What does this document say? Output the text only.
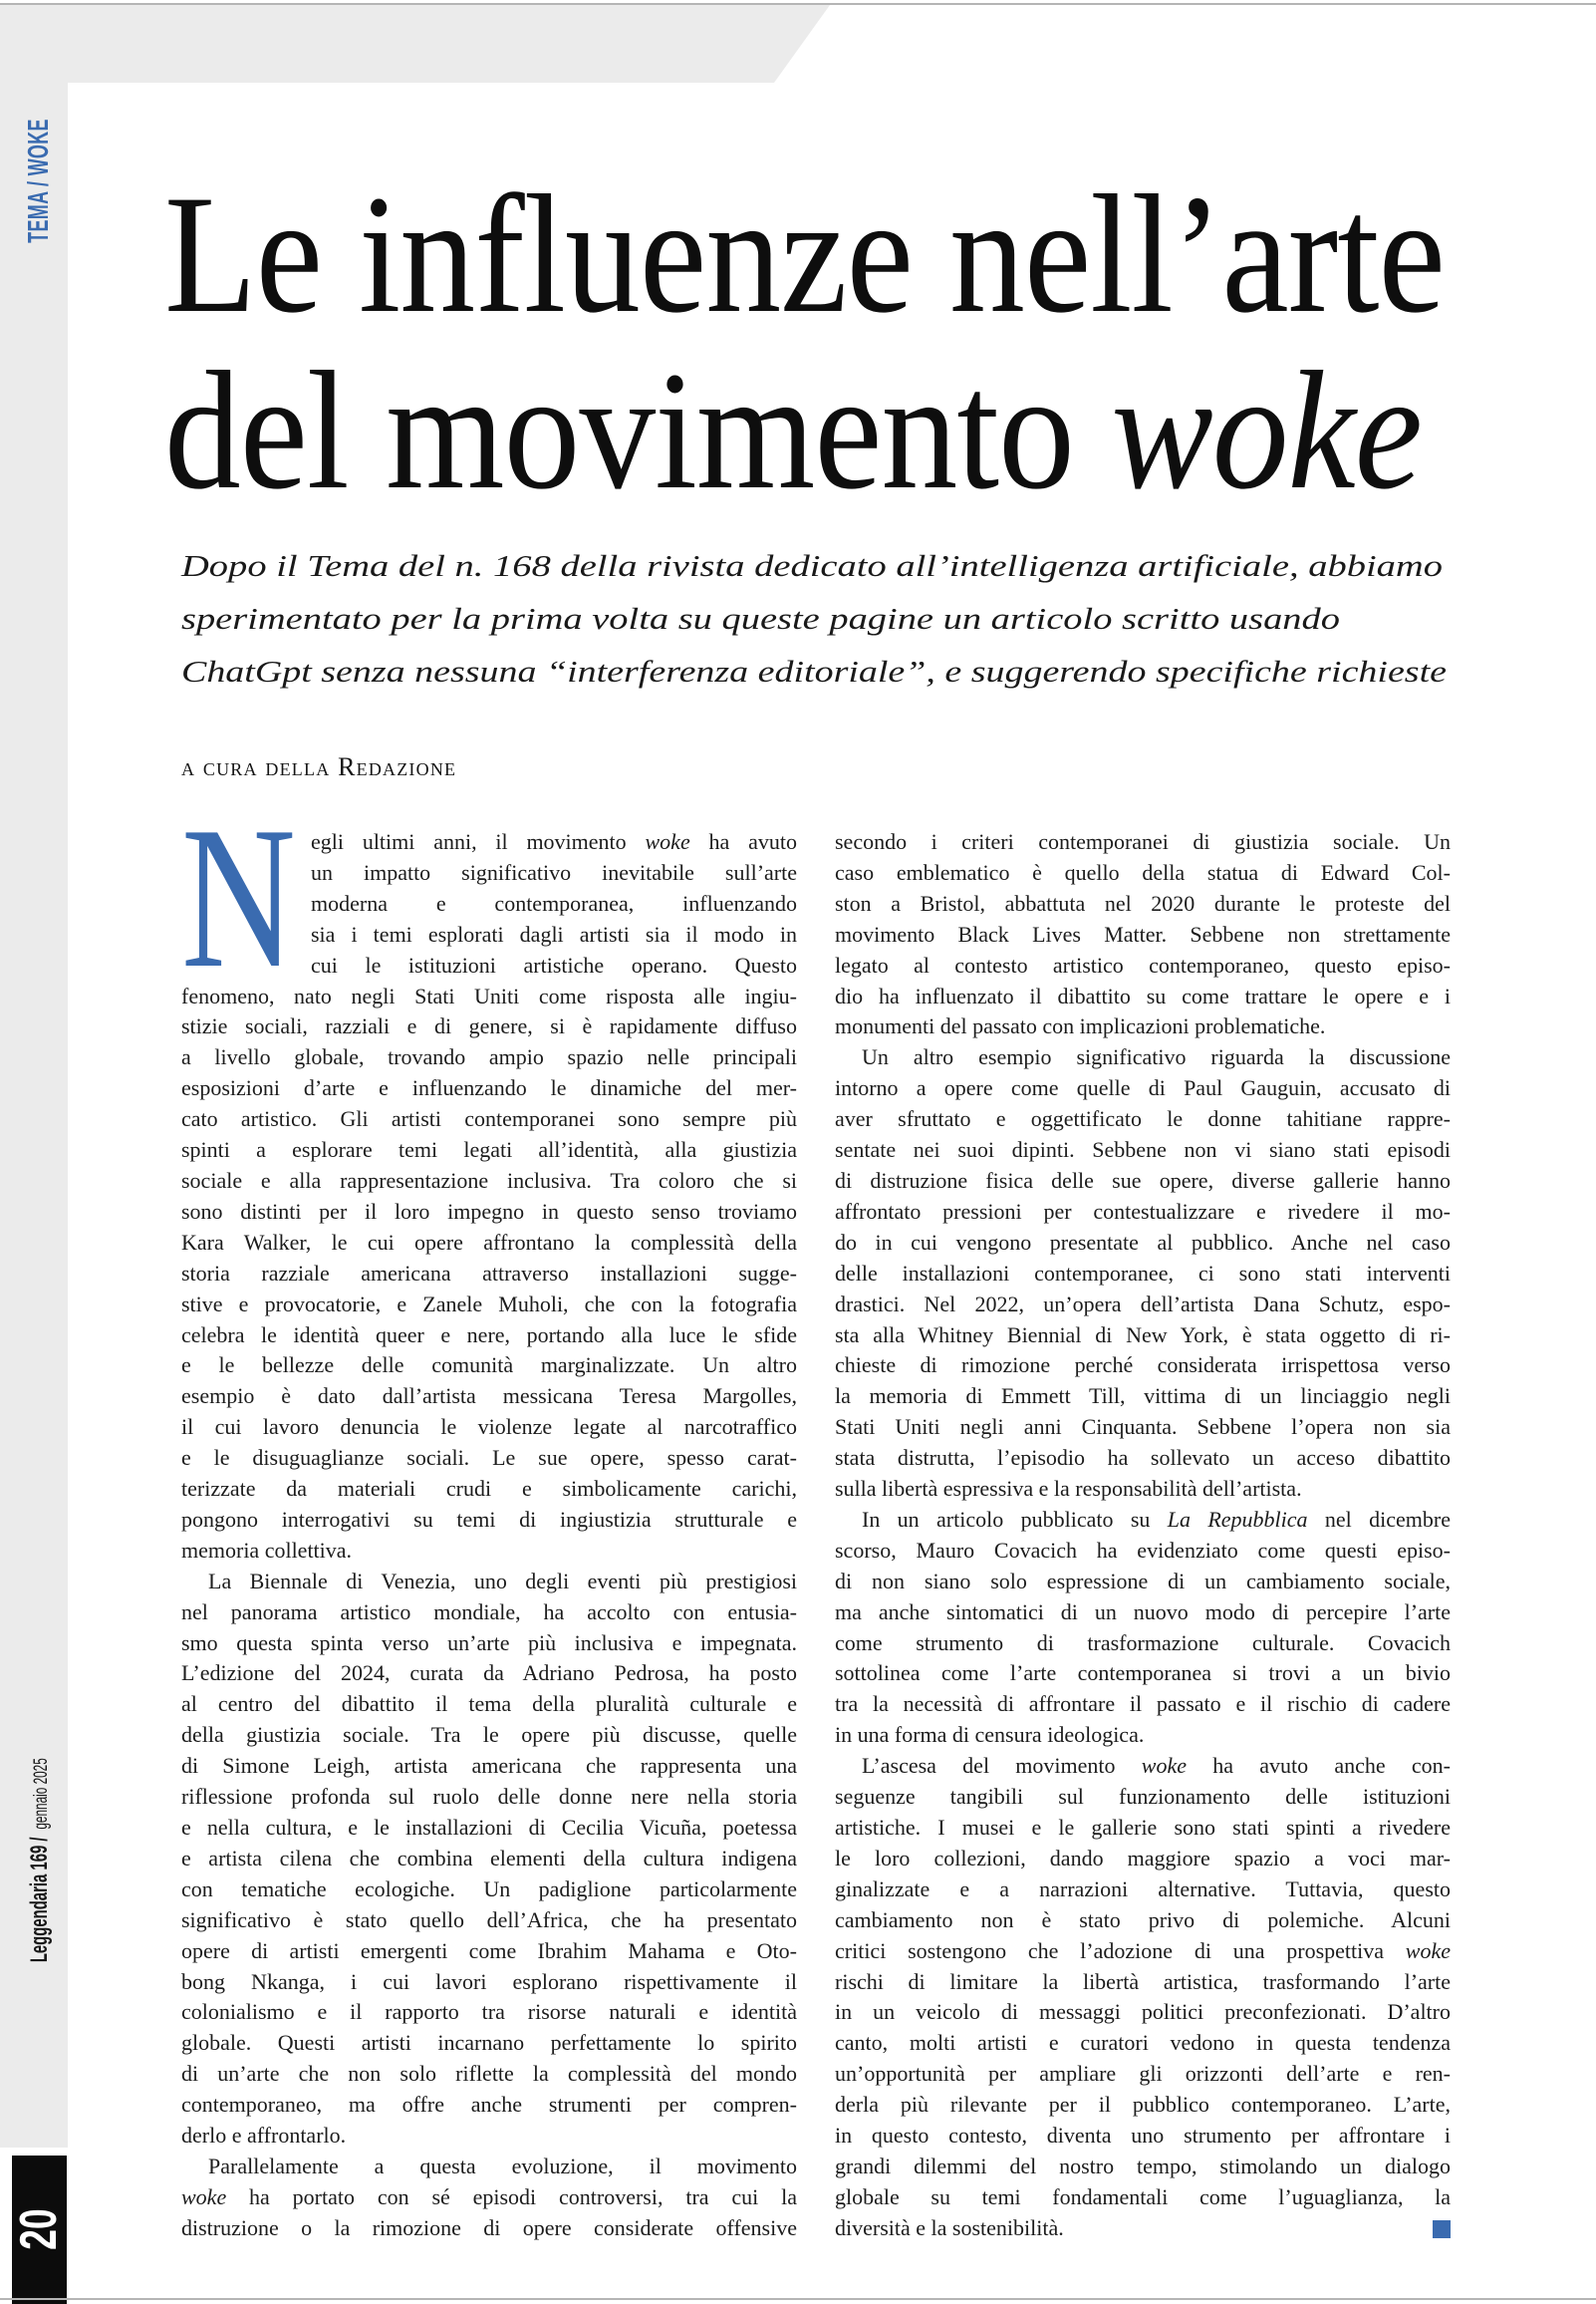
TEMA / WOKE
Leggendaria 169 / gennaio 2025
20
Le influenze nell’arte
del movimento woke
Dopo il Tema del n. 168 della rivista dedicato all’intelligenza artificiale, abbiamo
sperimentato per la prima volta su queste pagine un articolo scritto usando
ChatGpt senza nessuna “interferenza editoriale”, e suggerendo specifiche richieste
a cura della Redazione
N egli ultimi anni, il movimento woke ha avuto
un impatto significativo inevitabile sull’arte
moderna e contemporanea, influenzando
sia i temi esplorati dagli artisti sia il modo in
cui le istituzioni artistiche operano. Questo
fenomeno, nato negli Stati Uniti come risposta alle ingiu-
stizie sociali, razziali e di genere, si è rapidamente diffuso
a livello globale, trovando ampio spazio nelle principali
esposizioni d’arte e influenzando le dinamiche del mer-
cato artistico. Gli artisti contemporanei sono sempre più
spinti a esplorare temi legati all’identità, alla giustizia
sociale e alla rappresentazione inclusiva. Tra coloro che si
sono distinti per il loro impegno in questo senso troviamo
Kara Walker, le cui opere affrontano la complessità della
storia razziale americana attraverso installazioni sugge-
stive e provocatorie, e Zanele Muholi, che con la fotografia
celebra le identità queer e nere, portando alla luce le sfide
e le bellezze delle comunità marginalizzate. Un altro
esempio è dato dall’artista messicana Teresa Margolles,
il cui lavoro denuncia le violenze legate al narcotraffico
e le disuguaglianze sociali. Le sue opere, spesso carat-
terizzate da materiali crudi e simbolicamente carichi,
pongono interrogativi su temi di ingiustizia strutturale e
memoria collettiva.
La Biennale di Venezia, uno degli eventi più prestigiosi
nel panorama artistico mondiale, ha accolto con entusia-
smo questa spinta verso un’arte più inclusiva e impegnata.
L’edizione del 2024, curata da Adriano Pedrosa, ha posto
al centro del dibattito il tema della pluralità culturale e
della giustizia sociale. Tra le opere più discusse, quelle
di Simone Leigh, artista americana che rappresenta una
riflessione profonda sul ruolo delle donne nere nella storia
e nella cultura, e le installazioni di Cecilia Vicuña, poetessa
e artista cilena che combina elementi della cultura indigena
con tematiche ecologiche. Un padiglione particolarmente
significativo è stato quello dell’Africa, che ha presentato
opere di artisti emergenti come Ibrahim Mahama e Oto-
bong Nkanga, i cui lavori esplorano rispettivamente il
colonialismo e il rapporto tra risorse naturali e identità
globale. Questi artisti incarnano perfettamente lo spirito
di un’arte che non solo riflette la complessità del mondo
contemporaneo, ma offre anche strumenti per compren-
derlo e affrontarlo.
Parallelamente a questa evoluzione, il movimento
woke ha portato con sé episodi controversi, tra cui la
distruzione o la rimozione di opere considerate offensive
secondo i criteri contemporanei di giustizia sociale. Un
caso emblematico è quello della statua di Edward Col-
ston a Bristol, abbattuta nel 2020 durante le proteste del
movimento Black Lives Matter. Sebbene non strettamente
legato al contesto artistico contemporaneo, questo episo-
dio ha influenzato il dibattito su come trattare le opere e i
monumenti del passato con implicazioni problematiche.
Un altro esempio significativo riguarda la discussione
intorno a opere come quelle di Paul Gauguin, accusato di
aver sfruttato e oggettificato le donne tahitiane rappre-
sentate nei suoi dipinti. Sebbene non vi siano stati episodi
di distruzione fisica delle sue opere, diverse gallerie hanno
affrontato pressioni per contestualizzare e rivedere il mo-
do in cui vengono presentate al pubblico. Anche nel caso
delle installazioni contemporanee, ci sono stati interventi
drastici. Nel 2022, un’opera dell’artista Dana Schutz, espo-
sta alla Whitney Biennial di New York, è stata oggetto di ri-
chieste di rimozione perché considerata irrispettosa verso
la memoria di Emmett Till, vittima di un linciaggio negli
Stati Uniti negli anni Cinquanta. Sebbene l’opera non sia
stata distrutta, l’episodio ha sollevato un acceso dibattito
sulla libertà espressiva e la responsabilità dell’artista.
In un articolo pubblicato su La Repubblica nel dicembre
scorso, Mauro Covacich ha evidenziato come questi episo-
di non siano solo espressione di un cambiamento sociale,
ma anche sintomatici di un nuovo modo di percepire l’arte
come strumento di trasformazione culturale. Covacich
sottolinea come l’arte contemporanea si trovi a un bivio
tra la necessità di affrontare il passato e il rischio di cadere
in una forma di censura ideologica.
L’ascesa del movimento woke ha avuto anche con-
seguenze tangibili sul funzionamento delle istituzioni
artistiche. I musei e le gallerie sono stati spinti a rivedere
le loro collezioni, dando maggiore spazio a voci mar-
ginalizzate e a narrazioni alternative. Tuttavia, questo
cambiamento non è stato privo di polemiche. Alcuni
critici sostengono che l’adozione di una prospettiva woke
rischi di limitare la libertà artistica, trasformando l’arte
in un veicolo di messaggi politici preconfezionati. D’altro
canto, molti artisti e curatori vedono in questa tendenza
un’opportunità per ampliare gli orizzonti dell’arte e ren-
derla più rilevante per il pubblico contemporaneo. L’arte,
in questo contesto, diventa uno strumento per affrontare i
grandi dilemmi del nostro tempo, stimolando un dialogo
globale su temi fondamentali come l’uguaglianza, la
diversità e la sostenibilità.
